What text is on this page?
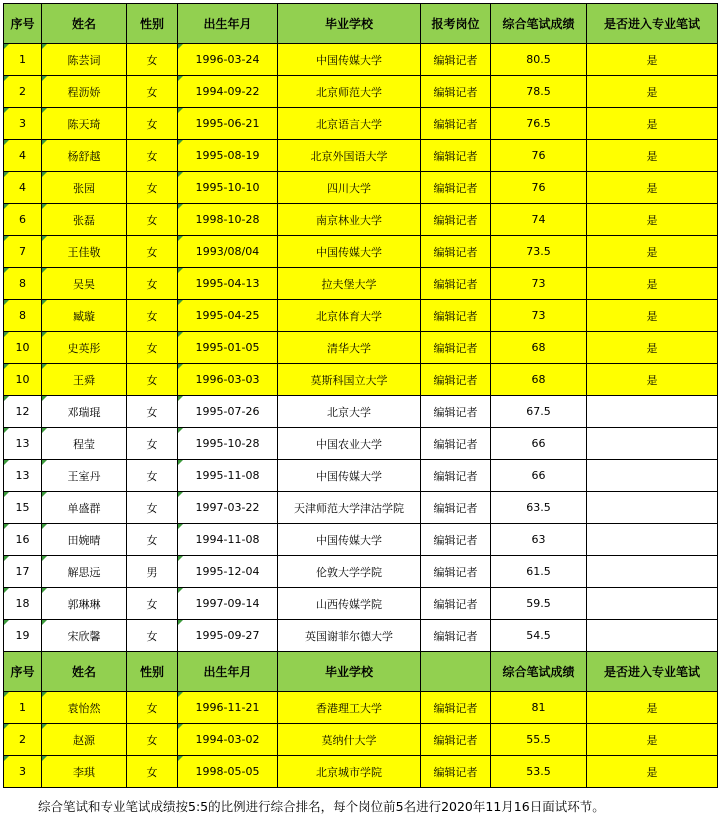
序号	姓名	性别	出生年月	毕业学校	报考岗位	综合笔试成绩	是否进入专业笔试
1	陈芸词	女	1996-03-24	中国传媒大学	编辑记者	80.5	是
2	程沥娇	女	1994-09-22	北京师范大学	编辑记者	78.5	是
3	陈天琦	女	1995-06-21	北京语言大学	编辑记者	76.5	是
4	杨舒越	女	1995-08-19	北京外国语大学	编辑记者	76	是
4	张园	女	1995-10-10	四川大学	编辑记者	76	是
6	张磊	女	1998-10-28	南京林业大学	编辑记者	74	是
7	王佳敬	女	1993/08/04	中国传媒大学	编辑记者	73.5	是
8	吴昊	女	1995-04-13	拉夫堡大学	编辑记者	73	是
8	臧璇	女	1995-04-25	北京体育大学	编辑记者	73	是
10	史英彤	女	1995-01-05	清华大学	编辑记者	68	是
10	王舜	女	1996-03-03	莫斯科国立大学	编辑记者	68	是
12	邓瑞琨	女	1995-07-26	北京大学	编辑记者	67.5	
13	程莹	女	1995-10-28	中国农业大学	编辑记者	66	
13	王室丹	女	1995-11-08	中国传媒大学	编辑记者	66	
15	单盛群	女	1997-03-22	天津师范大学津沽学院	编辑记者	63.5	
16	田婉晴	女	1994-11-08	中国传媒大学	编辑记者	63	
17	解思远	男	1995-12-04	伦敦大学学院	编辑记者	61.5	
18	郭琳琳	女	1997-09-14	山西传媒学院	编辑记者	59.5	
19	宋欣馨	女	1995-09-27	英国谢菲尔德大学	编辑记者	54.5	
序号	姓名	性别	出生年月	毕业学校		综合笔试成绩	是否进入专业笔试
1	袁怡然	女	1996-11-21	香港理工大学	编辑记者	81	是
2	赵源	女	1994-03-02	莫纳什大学	编辑记者	55.5	是
3	李琪	女	1998-05-05	北京城市学院	编辑记者	53.5	是
综合笔试和专业笔试成绩按5:5的比例进行综合排名，每个岗位前5名进行2020年11月16日面试环节。
